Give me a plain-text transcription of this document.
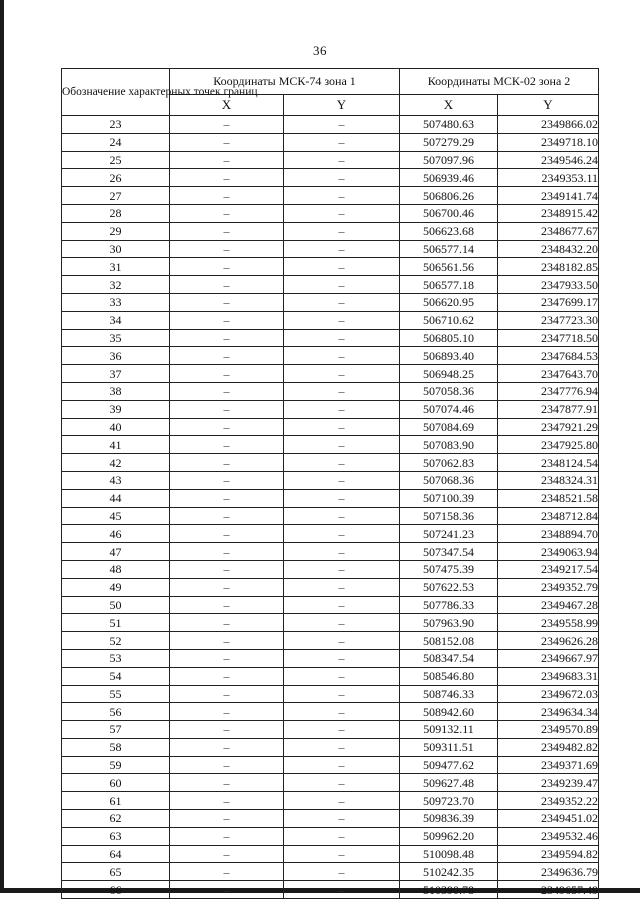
36
Обозначение характерных точек границ	Координаты МСК-74 зона 1		Координаты МСК-02 зона 2	
	X	Y	X	Y
23	–	–	507480.63	2349866.02
24	–	–	507279.29	2349718.10
25	–	–	507097.96	2349546.24
26	–	–	506939.46	2349353.11
27	–	–	506806.26	2349141.74
28	–	–	506700.46	2348915.42
29	–	–	506623.68	2348677.67
30	–	–	506577.14	2348432.20
31	–	–	506561.56	2348182.85
32	–	–	506577.18	2347933.50
33	–	–	506620.95	2347699.17
34	–	–	506710.62	2347723.30
35	–	–	506805.10	2347718.50
36	–	–	506893.40	2347684.53
37	–	–	506948.25	2347643.70
38	–	–	507058.36	2347776.94
39	–	–	507074.46	2347877.91
40	–	–	507084.69	2347921.29
41	–	–	507083.90	2347925.80
42	–	–	507062.83	2348124.54
43	–	–	507068.36	2348324.31
44	–	–	507100.39	2348521.58
45	–	–	507158.36	2348712.84
46	–	–	507241.23	2348894.70
47	–	–	507347.54	2349063.94
48	–	–	507475.39	2349217.54
49	–	–	507622.53	2349352.79
50	–	–	507786.33	2349467.28
51	–	–	507963.90	2349558.99
52	–	–	508152.08	2349626.28
53	–	–	508347.54	2349667.97
54	–	–	508546.80	2349683.31
55	–	–	508746.33	2349672.03
56	–	–	508942.60	2349634.34
57	–	–	509132.11	2349570.89
58	–	–	509311.51	2349482.82
59	–	–	509477.62	2349371.69
60	–	–	509627.48	2349239.47
61	–	–	509723.70	2349352.22
62	–	–	509836.39	2349451.02
63	–	–	509962.20	2349532.46
64	–	–	510098.48	2349594.82
65	–	–	510242.35	2349636.79
66	–	–	510390.78	2349657.49
